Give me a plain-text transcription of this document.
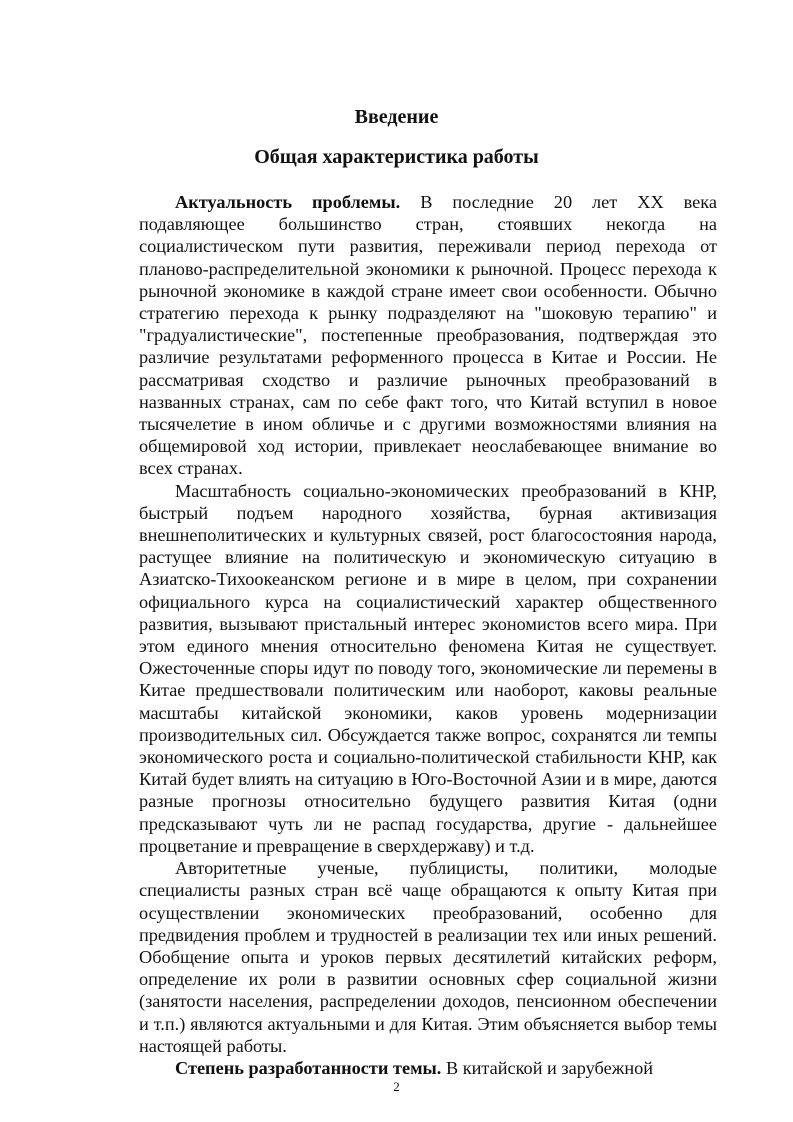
Введение
Общая характеристика работы

Актуальность проблемы. В последние 20 лет XX века подавляющее большинство стран, стоявших некогда на социалистическом пути развития, переживали период перехода от планово-распределительной экономики к рыночной. Процесс перехода к рыночной экономике в каждой стране имеет свои особенности. Обычно стратегию перехода к рынку подразделяют на "шоковую терапию" и "градуалистические", постепенные преобразования, подтверждая это различие результатами реформенного процесса в Китае и России. Не рассматривая сходство и различие рыночных преобразований в названных странах, сам по себе факт того, что Китай вступил в новое тысячелетие в ином обличье и с другими возможностями влияния на общемировой ход истории, привлекает неослабевающее внимание во всех странах.

Масштабность социально-экономических преобразований в КНР, быстрый подъем народного хозяйства, бурная активизация внешнеполитических и культурных связей, рост благосостояния народа, растущее влияние на политическую и экономическую ситуацию в Азиатско-Тихоокеанском регионе и в мире в целом, при сохранении официального курса на социалистический характер общественного развития, вызывают пристальный интерес экономистов всего мира. При этом единого мнения относительно феномена Китая не существует. Ожесточенные споры идут по поводу того, экономические ли перемены в Китае предшествовали политическим или наоборот, каковы реальные масштабы китайской экономики, каков уровень модернизации производительных сил. Обсуждается также вопрос, сохранятся ли темпы экономического роста и социально-политической стабильности КНР, как Китай будет влиять на ситуацию в Юго-Восточной Азии и в мире, даются разные прогнозы относительно будущего развития Китая (одни предсказывают чуть ли не распад государства, другие - дальнейшее процветание и превращение в сверхдержаву) и т.д.

Авторитетные ученые, публицисты, политики, молодые специалисты разных стран всё чаще обращаются к опыту Китая при осуществлении экономических преобразований, особенно для предвидения проблем и трудностей в реализации тех или иных решений. Обобщение опыта и уроков первых десятилетий китайских реформ, определение их роли в развитии основных сфер социальной жизни (занятости населения, распределении доходов, пенсионном обеспечении и т.п.) являются актуальными и для Китая. Этим объясняется выбор темы настоящей работы.

Степень разработанности темы. В китайской и зарубежной

2
